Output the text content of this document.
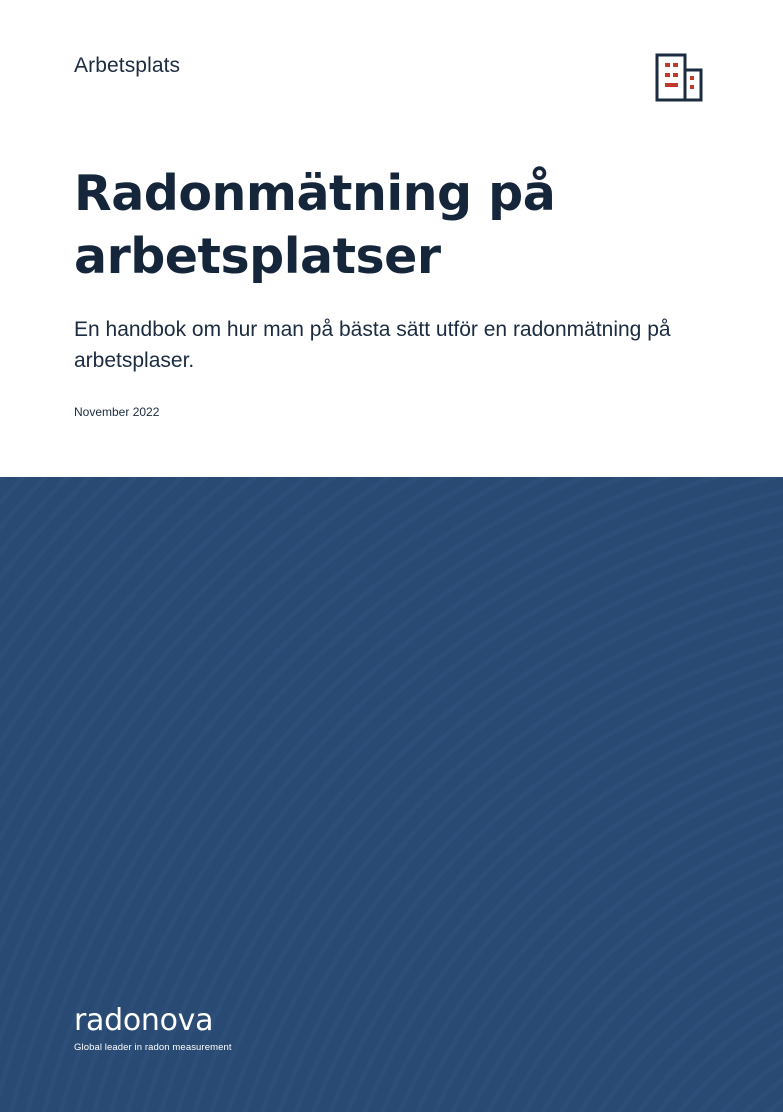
Arbetsplats
Radonmätning på arbetsplatser

En handbok om hur man på bästa sätt utför en radonmätning på arbetsplaser.

November 2022
radonova
Global leader in radon measurement
